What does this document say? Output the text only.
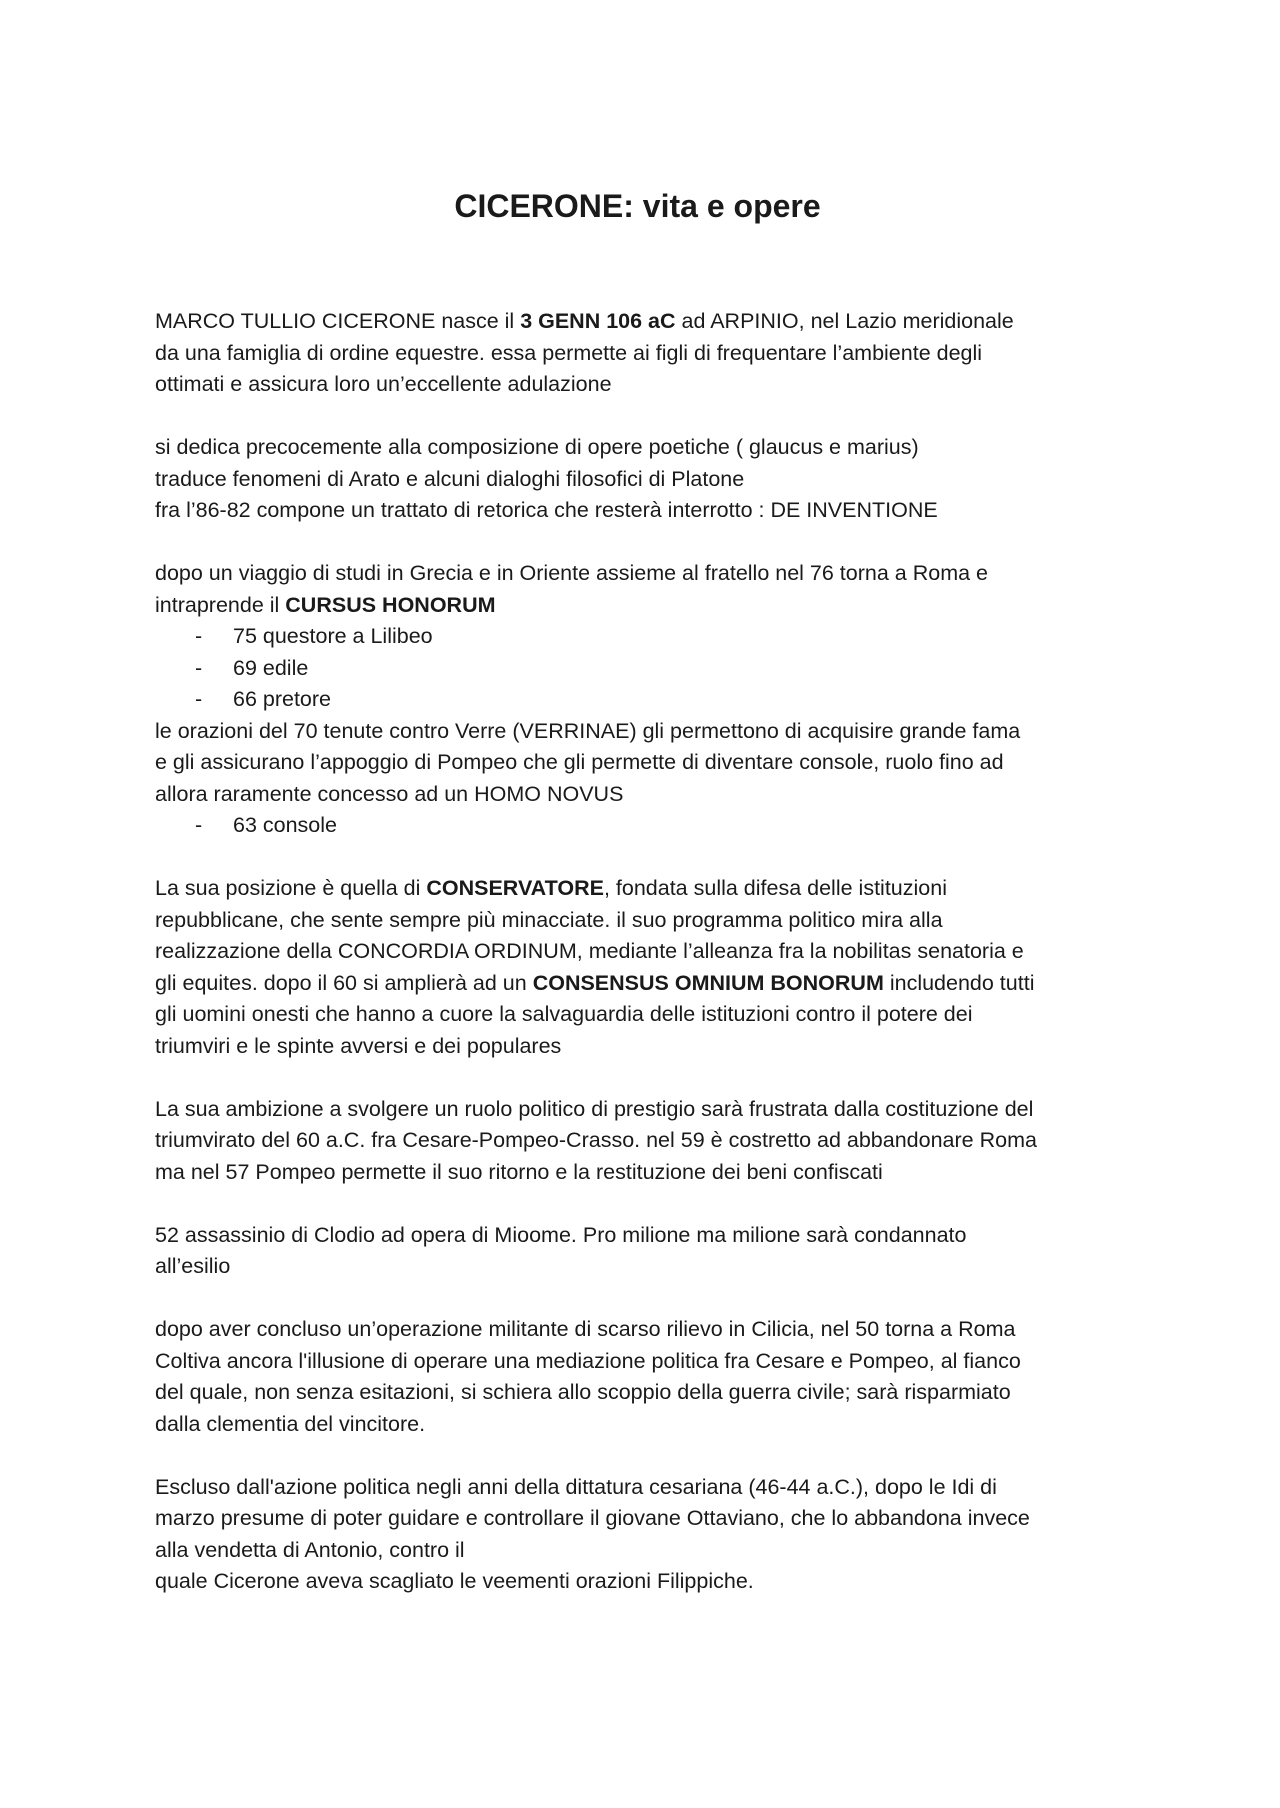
CICERONE: vita e opere

MARCO TULLIO CICERONE nasce il 3 GENN 106 aC ad ARPINIO, nel Lazio meridionale
da una famiglia di ordine equestre. essa permette ai figli di frequentare l’ambiente degli
ottimati e assicura loro un’eccellente adulazione

si dedica precocemente alla composizione di opere poetiche ( glaucus e marius)
traduce fenomeni di Arato e alcuni dialoghi filosofici di Platone
fra l’86-82 compone un trattato di retorica che resterà interrotto : DE INVENTIONE

dopo un viaggio di studi in Grecia e in Oriente assieme al fratello nel 76 torna a Roma e
intraprende il CURSUS HONORUM
- 75 questore a Lilibeo
- 69 edile
- 66 pretore
le orazioni del 70 tenute contro Verre (VERRINAE) gli permettono di acquisire grande fama
e gli assicurano l’appoggio di Pompeo che gli permette di diventare console, ruolo fino ad
allora raramente concesso ad un HOMO NOVUS
- 63 console

La sua posizione è quella di CONSERVATORE, fondata sulla difesa delle istituzioni
repubblicane, che sente sempre più minacciate. il suo programma politico mira alla
realizzazione della CONCORDIA ORDINUM, mediante l’alleanza fra la nobilitas senatoria e
gli equites. dopo il 60 si amplierà ad un CONSENSUS OMNIUM BONORUM includendo tutti
gli uomini onesti che hanno a cuore la salvaguardia delle istituzioni contro il potere dei
triumviri e le spinte avversi e dei populares

La sua ambizione a svolgere un ruolo politico di prestigio sarà frustrata dalla costituzione del
triumvirato del 60 a.C. fra Cesare-Pompeo-Crasso. nel 59 è costretto ad abbandonare Roma
ma nel 57 Pompeo permette il suo ritorno e la restituzione dei beni confiscati

52 assassinio di Clodio ad opera di Mioome. Pro milione ma milione sarà condannato
all’esilio

dopo aver concluso un’operazione militante di scarso rilievo in Cilicia, nel 50 torna a Roma
Coltiva ancora l'illusione di operare una mediazione politica fra Cesare e Pompeo, al fianco
del quale, non senza esitazioni, si schiera allo scoppio della guerra civile; sarà risparmiato
dalla clementia del vincitore.

Escluso dall'azione politica negli anni della dittatura cesariana (46-44 a.C.), dopo le Idi di
marzo presume di poter guidare e controllare il giovane Ottaviano, che lo abbandona invece
alla vendetta di Antonio, contro il
quale Cicerone aveva scagliato le veementi orazioni Filippiche.
